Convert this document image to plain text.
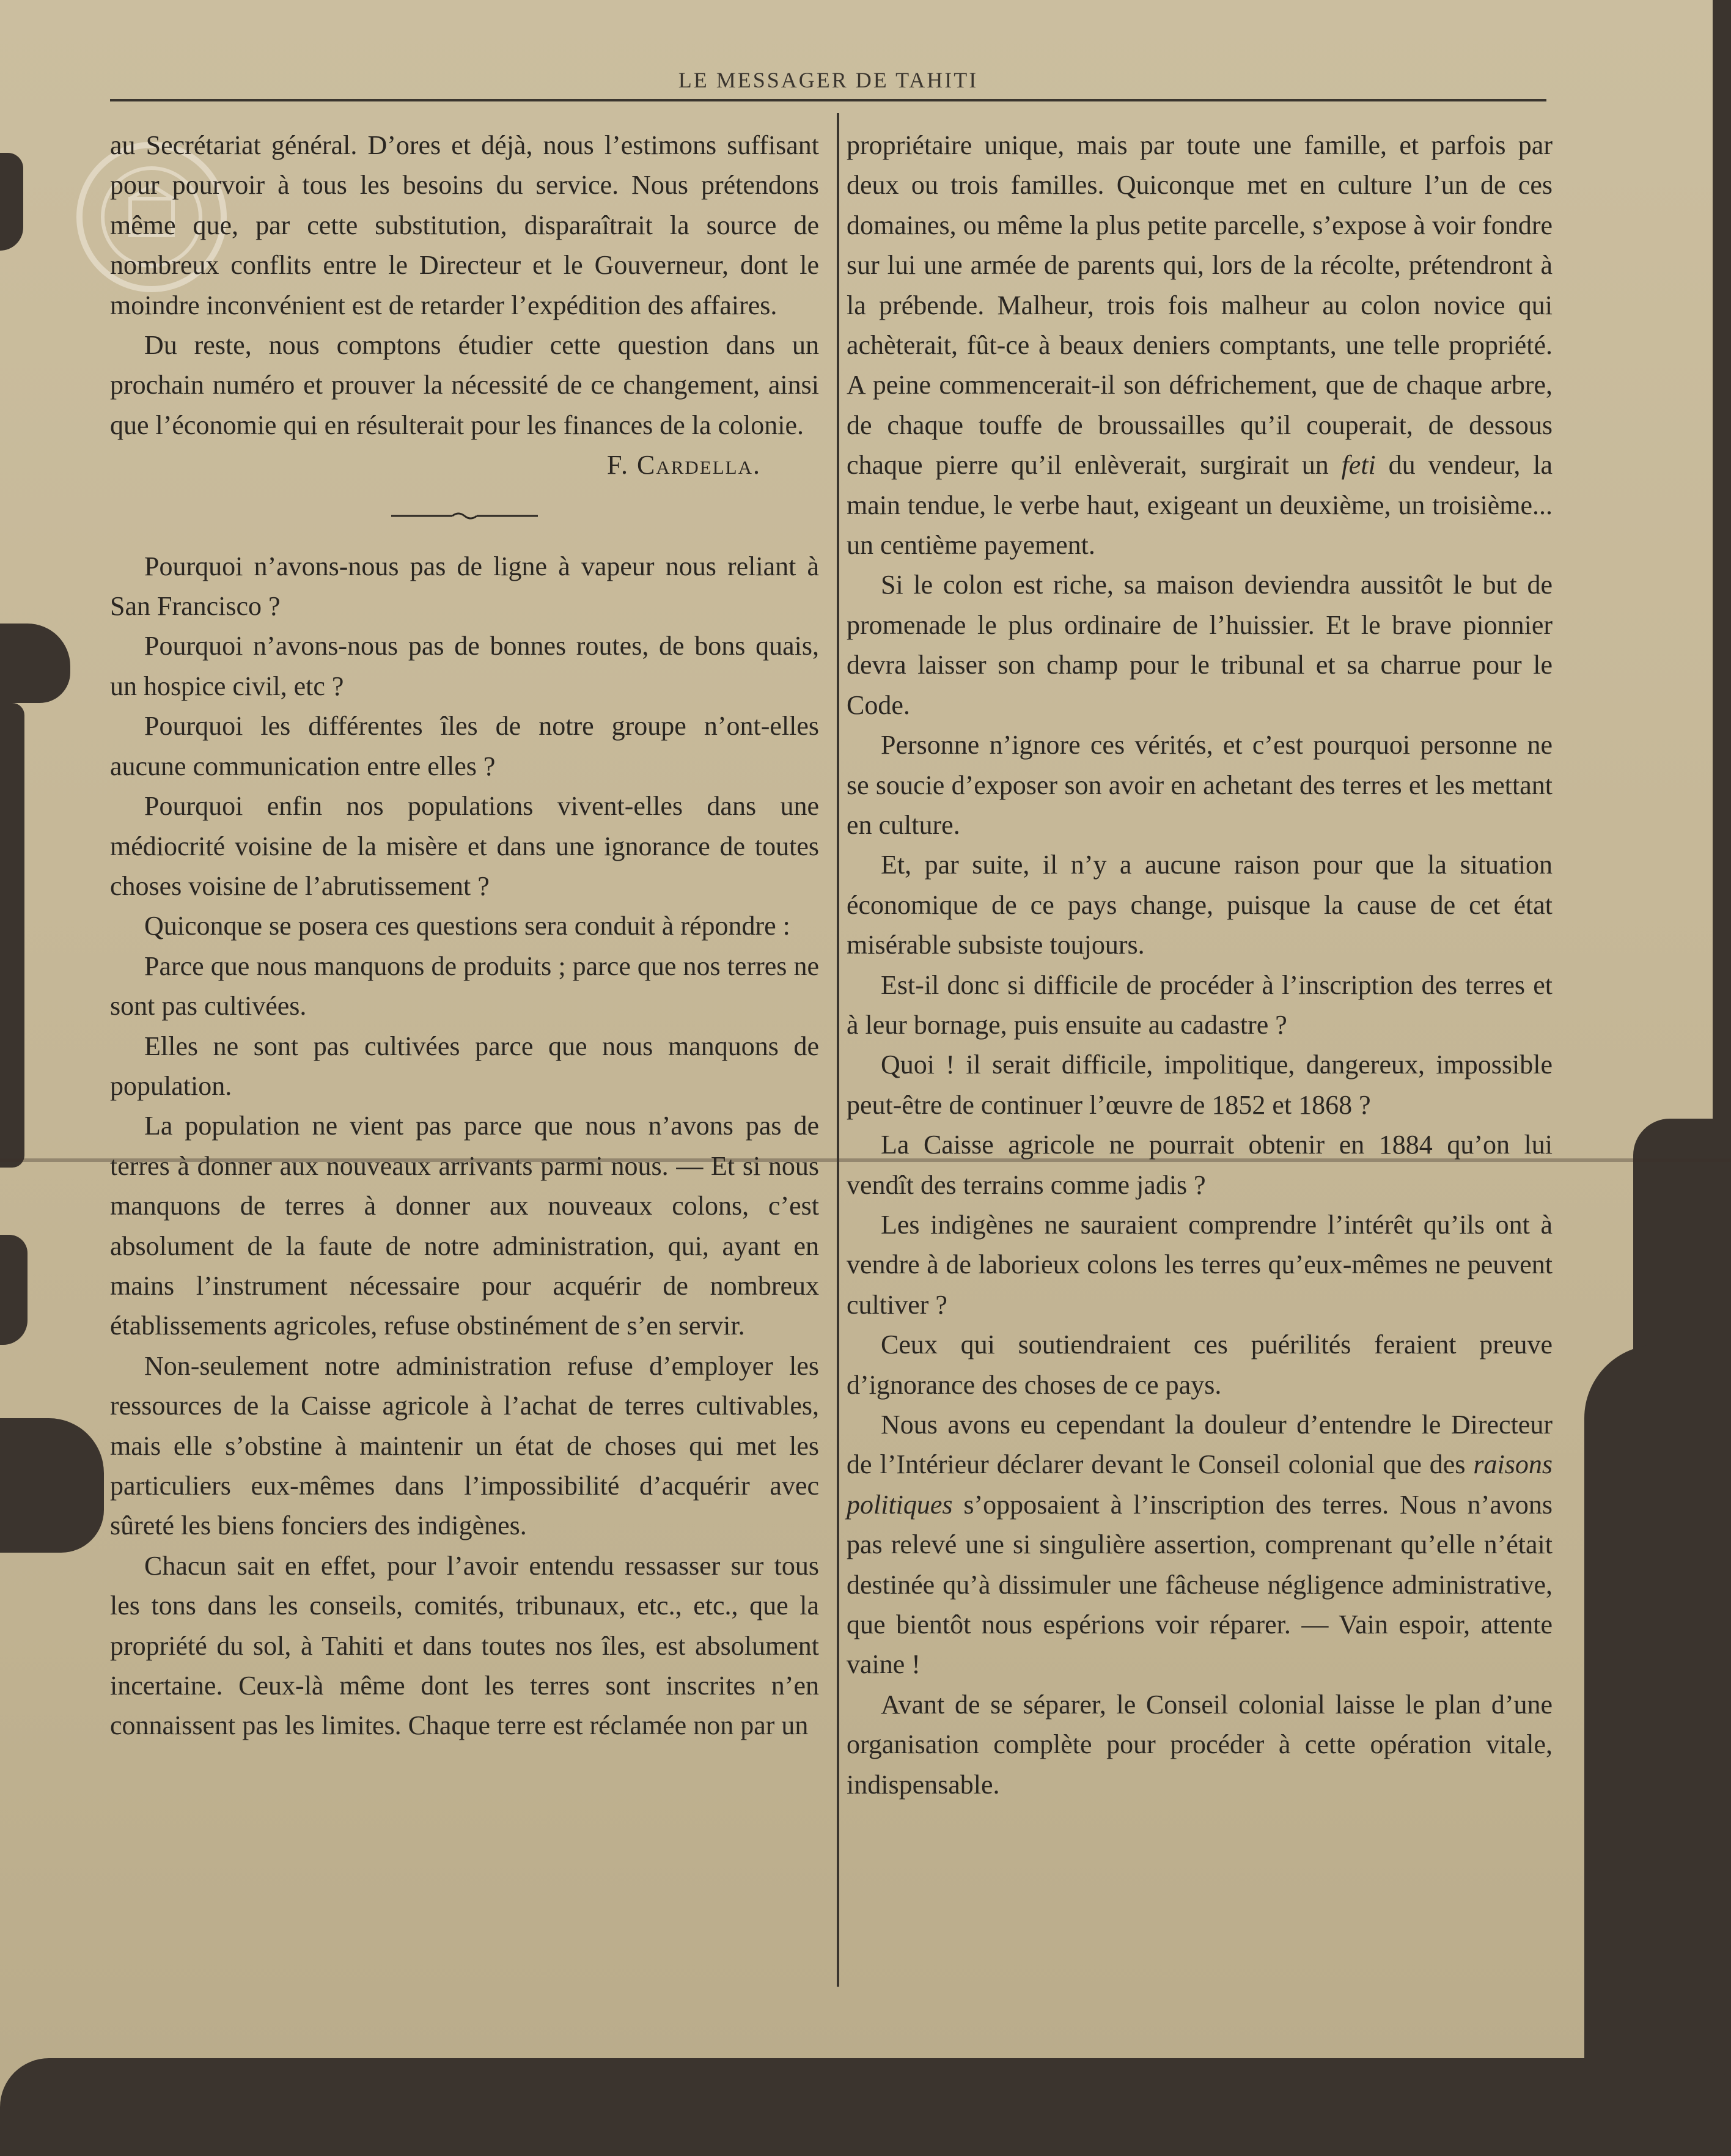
LE MESSAGER DE TAHITI

au Secrétariat général. D’ores et déjà, nous l’estimons suffisant pour pourvoir à tous les besoins du service. Nous prétendons même que, par cette substitution, disparaîtrait la source de nombreux conflits entre le Directeur et le Gouverneur, dont le moindre inconvénient est de retarder l’expédition des affaires.

Du reste, nous comptons étudier cette question dans un prochain numéro et prouver la nécessité de ce changement, ainsi que l’économie qui en résulterait pour les finances de la colonie.

F. Cardella.

Pourquoi n’avons-nous pas de ligne à vapeur nous reliant à San Francisco ?

Pourquoi n’avons-nous pas de bonnes routes, de bons quais, un hospice civil, etc ?

Pourquoi les différentes îles de notre groupe n’ont-elles aucune communication entre elles ?

Pourquoi enfin nos populations vivent-elles dans une médiocrité voisine de la misère et dans une ignorance de toutes choses voisine de l’abrutissement ?

Quiconque se posera ces questions sera conduit à répondre :

Parce que nous manquons de produits ; parce que nos terres ne sont pas cultivées.

Elles ne sont pas cultivées parce que nous manquons de population.

La population ne vient pas parce que nous n’avons pas de terres à donner aux nouveaux arrivants parmi nous. — Et si nous manquons de terres à donner aux nouveaux colons, c’est absolument de la faute de notre administration, qui, ayant en mains l’instrument nécessaire pour acquérir de nombreux établissements agricoles, refuse obstinément de s’en servir.

Non-seulement notre administration refuse d’employer les ressources de la Caisse agricole à l’achat de terres cultivables, mais elle s’obstine à maintenir un état de choses qui met les particuliers eux-mêmes dans l’impossibilité d’acquérir avec sûreté les biens fonciers des indigènes.

Chacun sait en effet, pour l’avoir entendu ressasser sur tous les tons dans les conseils, comités, tribunaux, etc., etc., que la propriété du sol, à Tahiti et dans toutes nos îles, est absolument incertaine. Ceux-là même dont les terres sont inscrites n’en connaissent pas les limites. Chaque terre est réclamée non par un

propriétaire unique, mais par toute une famille, et parfois par deux ou trois familles. Quiconque met en culture l’un de ces domaines, ou même la plus petite parcelle, s’expose à voir fondre sur lui une armée de parents qui, lors de la récolte, prétendront à la prébende. Malheur, trois fois malheur au colon novice qui achèterait, fût-ce à beaux deniers comptants, une telle propriété. A peine commencerait-il son défrichement, que de chaque arbre, de chaque touffe de broussailles qu’il couperait, de dessous chaque pierre qu’il enlèverait, surgirait un feti du vendeur, la main tendue, le verbe haut, exigeant un deuxième, un troisième... un centième payement.

Si le colon est riche, sa maison deviendra aussitôt le but de promenade le plus ordinaire de l’huissier. Et le brave pionnier devra laisser son champ pour le tribunal et sa charrue pour le Code.

Personne n’ignore ces vérités, et c’est pourquoi personne ne se soucie d’exposer son avoir en achetant des terres et les mettant en culture.

Et, par suite, il n’y a aucune raison pour que la situation économique de ce pays change, puisque la cause de cet état misérable subsiste toujours.

Est-il donc si difficile de procéder à l’inscription des terres et à leur bornage, puis ensuite au cadastre ?

Quoi ! il serait difficile, impolitique, dangereux, impossible peut-être de continuer l’œuvre de 1852 et 1868 ?

La Caisse agricole ne pourrait obtenir en 1884 qu’on lui vendît des terrains comme jadis ?

Les indigènes ne sauraient comprendre l’intérêt qu’ils ont à vendre à de laborieux colons les terres qu’eux-mêmes ne peuvent cultiver ?

Ceux qui soutiendraient ces puérilités feraient preuve d’ignorance des choses de ce pays.

Nous avons eu cependant la douleur d’entendre le Directeur de l’Intérieur déclarer devant le Conseil colonial que des raisons politiques s’opposaient à l’inscription des terres. Nous n’avons pas relevé une si singulière assertion, comprenant qu’elle n’était destinée qu’à dissimuler une fâcheuse négligence administrative, que bientôt nous espérions voir réparer. — Vain espoir, attente vaine !

Avant de se séparer, le Conseil colonial laisse le plan d’une organisation complète pour procéder à cette opération vitale, indispensable.
